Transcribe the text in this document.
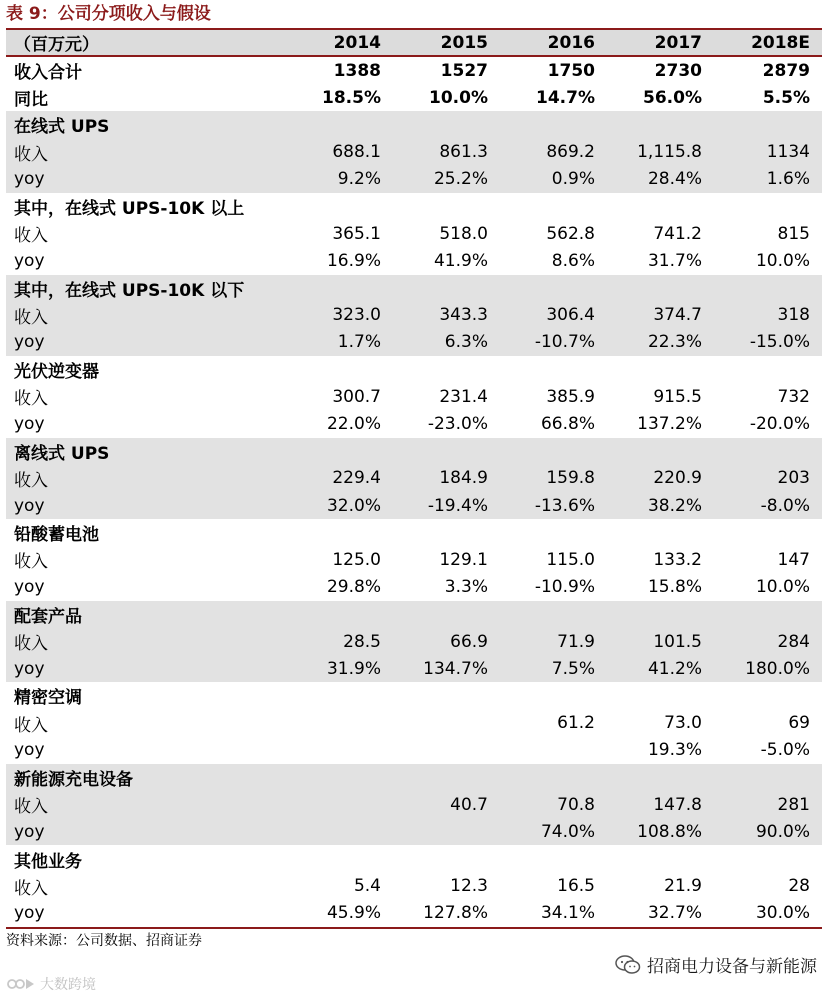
表 9：公司分项收入与假设
（百万元）	2014	2015	2016	2017	2018E
收入合计	1388	1527	1750	2730	2879
同比	18.5%	10.0%	14.7%	56.0%	5.5%
在线式 UPS					
收入	688.1	861.3	869.2	1,115.8	1134
yoy	9.2%	25.2%	0.9%	28.4%	1.6%
其中，在线式 UPS-10K 以上					
收入	365.1	518.0	562.8	741.2	815
yoy	16.9%	41.9%	8.6%	31.7%	10.0%
其中，在线式 UPS-10K 以下					
收入	323.0	343.3	306.4	374.7	318
yoy	1.7%	6.3%	-10.7%	22.3%	-15.0%
光伏逆变器					
收入	300.7	231.4	385.9	915.5	732
yoy	22.0%	-23.0%	66.8%	137.2%	-20.0%
离线式 UPS					
收入	229.4	184.9	159.8	220.9	203
yoy	32.0%	-19.4%	-13.6%	38.2%	-8.0%
铅酸蓄电池					
收入	125.0	129.1	115.0	133.2	147
yoy	29.8%	3.3%	-10.9%	15.8%	10.0%
配套产品					
收入	28.5	66.9	71.9	101.5	284
yoy	31.9%	134.7%	7.5%	41.2%	180.0%
精密空调					
收入			61.2	73.0	69
yoy				19.3%	-5.0%
新能源充电设备					
收入		40.7	70.8	147.8	281
yoy			74.0%	108.8%	90.0%
其他业务					
收入	5.4	12.3	16.5	21.9	28
yoy	45.9%	127.8%	34.1%	32.7%	30.0%
资料来源：公司数据、招商证券
招商电力设备与新能源
大数跨境
